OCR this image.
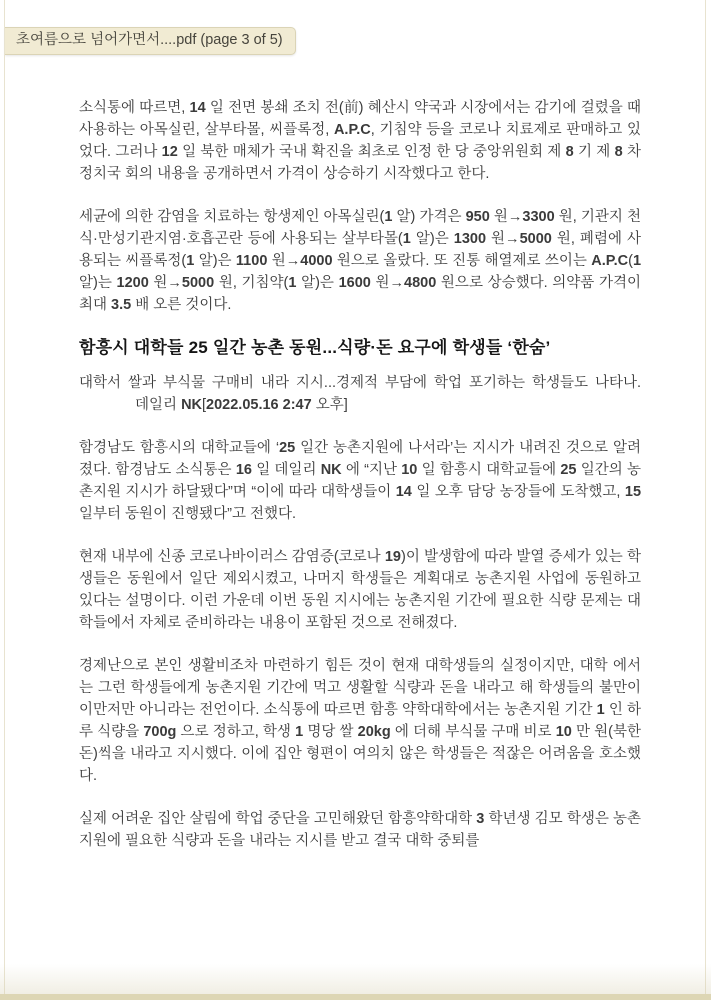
초여름으로 넘어가면서....pdf (page 3 of 5)

소식통에 따르면, 14 일 전면 봉쇄 조치 전(前) 혜산시 약국과 시장에서는 감기에 걸렸을 때 사용하는 아목실린, 살부타몰, 씨플록정, A.P.C, 기침약 등을 코로나 치료제로 판매하고 있었다. 그러나 12 일 북한 매체가 국내 확진을 최초로 인정 한 당 중앙위원회 제 8 기 제 8 차 정치국 회의 내용을 공개하면서 가격이 상승하기 시작했다고 한다.

세균에 의한 감염을 치료하는 항생제인 아목실린(1 알) 가격은 950 원→3300 원, 기관지 천식·만성기관지염·호흡곤란 등에 사용되는 살부타몰(1 알)은 1300 원→5000 원, 폐렴에 사용되는 씨플록정(1 알)은 1100 원→4000 원으로 올랐다. 또 진통 해열제로 쓰이는 A.P.C(1 알)는 1200 원→5000 원, 기침약(1 알)은 1600 원→4800 원으로 상승했다. 의약품 가격이 최대 3.5 배 오른 것이다.

함흥시 대학들 25 일간 농촌 동원...식량·돈 요구에 학생들 ‘한숨’

대학서 쌀과 부식물 구매비 내라 지시...경제적 부담에 학업 포기하는 학생들도 나타나. 데일리 NK[2022.05.16 2:47 오후]

함경남도 함흥시의 대학교들에 ‘25 일간 농촌지원에 나서라’는 지시가 내려진 것으로 알려졌다. 함경남도 소식통은 16 일 데일리 NK 에 “지난 10 일 함흥시 대학교들에 25 일간의 농촌지원 지시가 하달됐다”며 “이에 따라 대학생들이 14 일 오후 담당 농장들에 도착했고, 15 일부터 동원이 진행됐다”고 전했다.

현재 내부에 신종 코로나바이러스 감염증(코로나 19)이 발생함에 따라 발열 증세가 있는 학생들은 동원에서 일단 제외시켰고, 나머지 학생들은 계획대로 농촌지원 사업에 동원하고 있다는 설명이다. 이런 가운데 이번 동원 지시에는 농촌지원 기간에 필요한 식량 문제는 대학들에서 자체로 준비하라는 내용이 포함된 것으로 전해졌다.

경제난으로 본인 생활비조차 마련하기 힘든 것이 현재 대학생들의 실정이지만, 대학 에서는 그런 학생들에게 농촌지원 기간에 먹고 생활할 식량과 돈을 내라고 해 학생들의 불만이 이만저만 아니라는 전언이다. 소식통에 따르면 함흥 약학대학에서는 농촌지원 기간 1 인 하루 식량을 700g 으로 정하고, 학생 1 명당 쌀 20kg 에 더해 부식물 구매 비로 10 만 원(북한 돈)씩을 내라고 지시했다. 이에 집안 형편이 여의치 않은 학생들은 적잖은 어려움을 호소했다.

실제 어려운 집안 살림에 학업 중단을 고민해왔던 함흥약학대학 3 학년생 김모 학생은 농촌지원에 필요한 식량과 돈을 내라는 지시를 받고 결국 대학 중퇴를
